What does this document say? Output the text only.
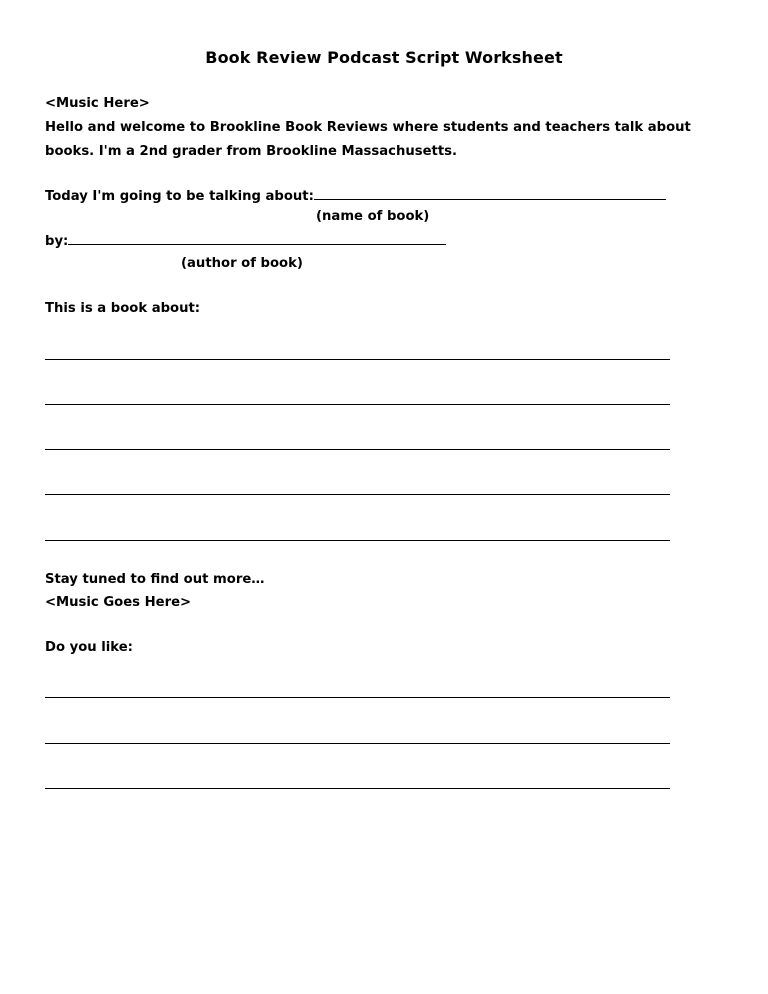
Book Review Podcast Script Worksheet
<Music Here>
Hello and welcome to Brookline Book Reviews where students and teachers talk about
books. I'm a 2nd grader from Brookline Massachusetts.
Today I'm going to be talking about:
(name of book)
by:
(author of book)
This is a book about:
Stay tuned to find out more…
<Music Goes Here>
Do you like:
